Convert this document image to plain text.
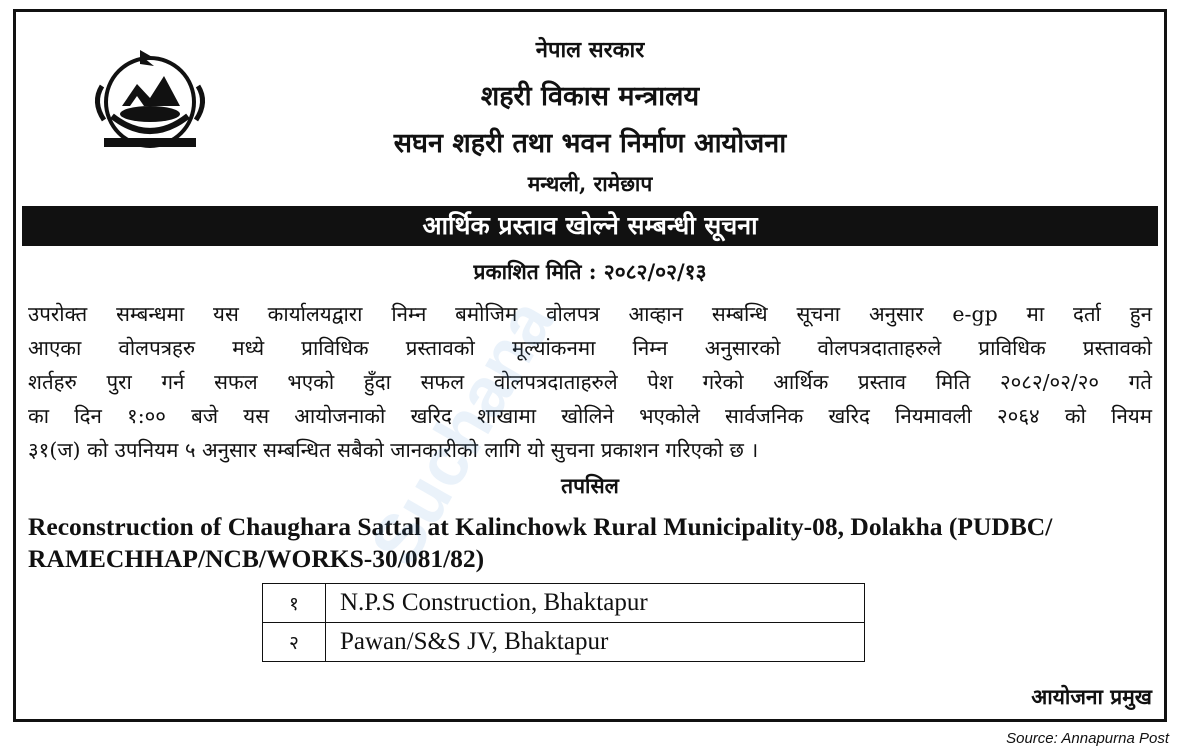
नेपाल सरकार
शहरी विकास मन्त्रालय
सघन शहरी तथा भवन निर्माण आयोजना
मन्थली, रामेछाप
आर्थिक प्रस्ताव खोल्ने सम्बन्धी सूचना
प्रकाशित मिति : २०८२/०२/१३
उपरोक्त सम्बन्धमा यस कार्यालयद्वारा निम्न बमोजिम वोलपत्र आव्हान सम्बन्धि सूचना अनुसार e-gp मा दर्ता हुन
आएका वोलपत्रहरु मध्ये प्राविधिक प्रस्तावको मूल्यांकनमा निम्न अनुसारको वोलपत्रदाताहरुले प्राविधिक प्रस्तावको
शर्तहरु पुरा गर्न सफल भएको हुँदा सफल वोलपत्रदाताहरुले पेश गरेको आर्थिक प्रस्ताव मिति २०८२/०२/२० गते
का दिन १:०० बजे यस आयोजनाको खरिद शाखामा खोलिने भएकोले सार्वजनिक खरिद नियमावली २०६४ को नियम
३१(ज) को उपनियम ५ अनुसार सम्बन्धित सबैको जानकारीको लागि यो सुचना प्रकाशन गरिएको छ ।
तपसिल
Reconstruction of Chaughara Sattal at Kalinchowk Rural Municipality-08, Dolakha (PUDBC/
RAMECHHAP/NCB/WORKS-30/081/82)
१	N.P.S Construction, Bhaktapur
२	Pawan/S&S JV, Bhaktapur
आयोजना प्रमुख
Suchana
Source: Annapurna Post
